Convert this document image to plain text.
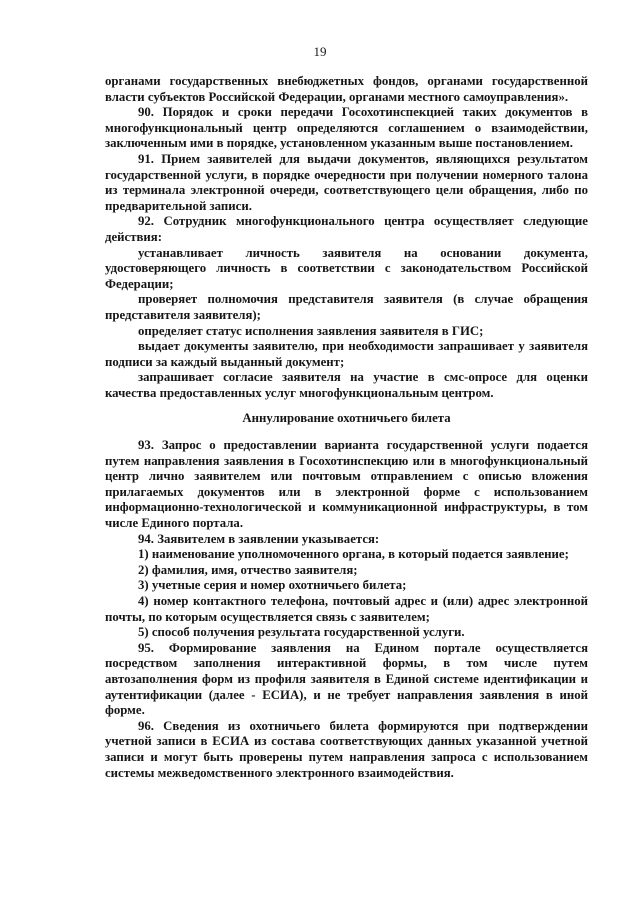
19

органами государственных внебюджетных фондов, органами государственной власти субъектов Российской Федерации, органами местного самоуправления».

90. Порядок и сроки передачи Госохотинспекцией таких документов в многофункциональный центр определяются соглашением о взаимодействии, заключенным ими в порядке, установленном указанным выше постановлением.

91. Прием заявителей для выдачи документов, являющихся результатом государственной услуги, в порядке очередности при получении номерного талона из терминала электронной очереди, соответствующего цели обращения, либо по предварительной записи.

92. Сотрудник многофункционального центра осуществляет следующие действия:

устанавливает личность заявителя на основании документа, удостоверяющего личность в соответствии с законодательством Российской Федерации;

проверяет полномочия представителя заявителя (в случае обращения представителя заявителя);

определяет статус исполнения заявления заявителя в ГИС;

выдает документы заявителю, при необходимости запрашивает у заявителя подписи за каждый выданный документ;

запрашивает согласие заявителя на участие в смс-опросе для оценки качества предоставленных услуг многофункциональным центром.

Аннулирование охотничьего билета

93. Запрос о предоставлении варианта государственной услуги подается путем направления заявления в Госохотинспекцию или в многофункциональный центр лично заявителем или почтовым отправлением с описью вложения прилагаемых документов или в электронной форме с использованием информационно-технологической и коммуникационной инфраструктуры, в том числе Единого портала.

94. Заявителем в заявлении указывается:

1) наименование уполномоченного органа, в который подается заявление;

2) фамилия, имя, отчество заявителя;

3) учетные серия и номер охотничьего билета;

4) номер контактного телефона, почтовый адрес и (или) адрес электронной почты, по которым осуществляется связь с заявителем;

5) способ получения результата государственной услуги.

95. Формирование заявления на Едином портале осуществляется посредством заполнения интерактивной формы, в том числе путем автозаполнения форм из профиля заявителя в Единой системе идентификации и аутентификации (далее - ЕСИА), и не требует направления заявления в иной форме.

96. Сведения из охотничьего билета формируются при подтверждении учетной записи в ЕСИА из состава соответствующих данных указанной учетной записи и могут быть проверены путем направления запроса с использованием системы межведомственного электронного взаимодействия.
